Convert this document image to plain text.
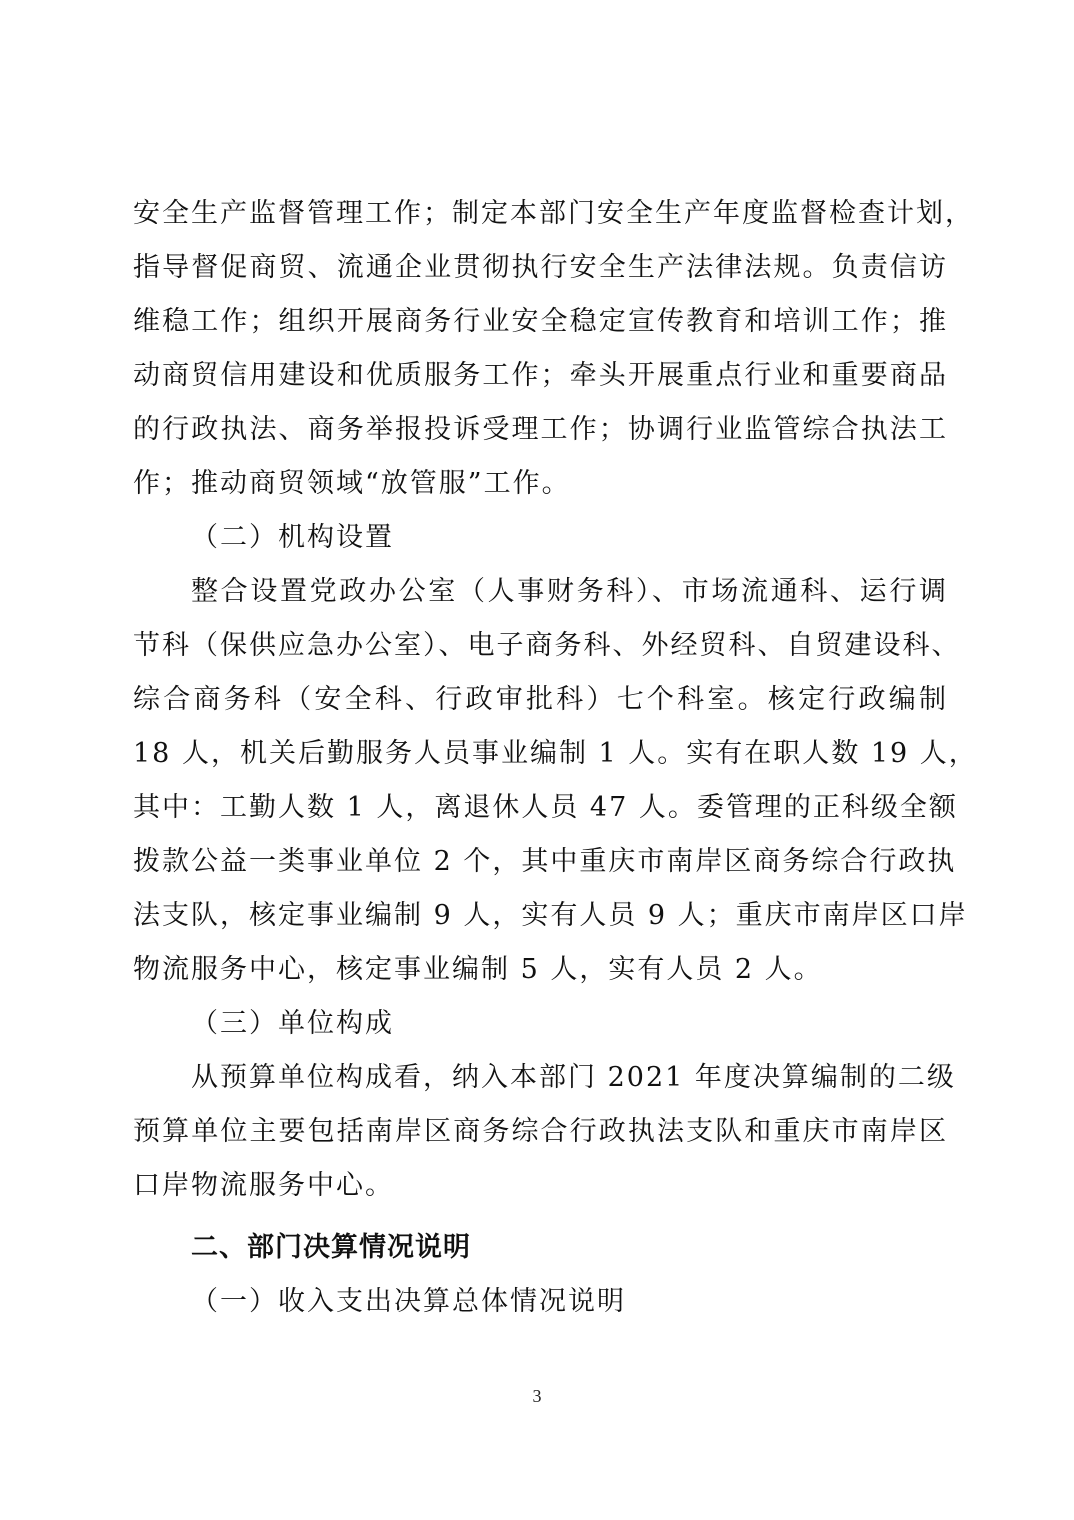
安全生产监督管理工作；制定本部门安全生产年度监督检查计划，
指导督促商贸、流通企业贯彻执行安全生产法律法规。负责信访
维稳工作；组织开展商务行业安全稳定宣传教育和培训工作；推
动商贸信用建设和优质服务工作；牵头开展重点行业和重要商品
的行政执法、商务举报投诉受理工作；协调行业监管综合执法工
作；推动商贸领域“放管服”工作。
（二）机构设置
整合设置党政办公室（人事财务科）、市场流通科、运行调
节科（保供应急办公室）、电子商务科、外经贸科、自贸建设科、
综合商务科（安全科、行政审批科）七个科室。核定行政编制
18 人，机关后勤服务人员事业编制 1 人。实有在职人数 19 人，
其中：工勤人数 1 人，离退休人员 47 人。委管理的正科级全额
拨款公益一类事业单位 2 个，其中重庆市南岸区商务综合行政执
法支队，核定事业编制 9 人，实有人员 9 人；重庆市南岸区口岸
物流服务中心，核定事业编制 5 人，实有人员 2 人。
（三）单位构成
从预算单位构成看，纳入本部门 2021 年度决算编制的二级
预算单位主要包括南岸区商务综合行政执法支队和重庆市南岸区
口岸物流服务中心。
二、部门决算情况说明
（一）收入支出决算总体情况说明
3
